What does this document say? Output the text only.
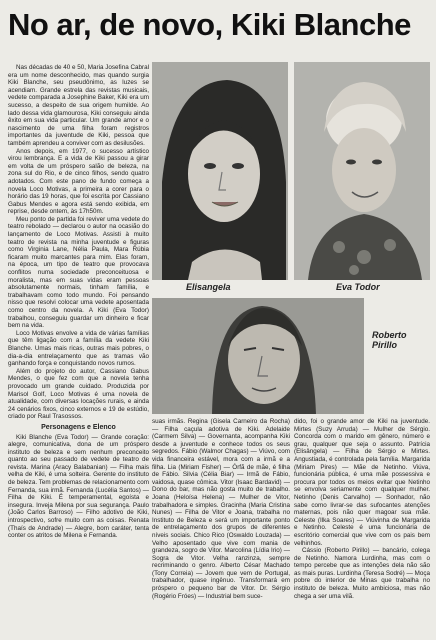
No ar, de novo, Kiki Blanche

Nas décadas de 40 e 50, Maria Josefina Cabral era um nome desconhecido, mas quando surgia Kiki Blanche, seu pseudônimo, as luzes se acendiam. Grande estrela das revistas musicais, vedete comparada a Josephine Baker, Kiki era um sucesso, a despeito de sua origem humilde. Ao lado dessa vida glamourosa, Kiki conseguiu ainda êxito em sua vida particular. Um grande amor e o nascimento de uma filha foram registros importantes da juventude de Kiki, pessoa que também aprendeu a conviver com as desilusões.

Anos depois, em 1977, o sucesso artístico virou lembrança. E a vida de Kiki passou a girar em volta de um próspero salão de beleza, na zona sul do Rio, e de cinco filhos, sendo quatro adotados. Com este pano de fundo começa a novela Loco Motivas, a primeira a corer para o horário das 19 horas, que foi escrita por Cassiano Gabus Mendes e agora está sendo exibida, em reprise, desde ontem, às 17h50m.

Meu ponto de partida foi reviver uma vedete do teatro rebolado — declarou o autor na ocasião do lançamento de Loco Motivas. Assisti à muito teatro de revista na minha juventude e figuras como Virginia Lane, Nélia Paula, Mara Rúbia ficaram muito marcantes para mim. Elas foram, na época, um tipo de teatro que provocava conflitos numa sociedade preconceituosa e moralista, mas em suas vidas eram pessoas absolutamente normais, tinham família, e trabalhavam como todo mundo. Foi pensando nisso que resolvi colocar uma vedete aposentada como centro da novela. A Kiki (Eva Todor) trabalhou, conseguiu guardar um dinheiro e ficar bem na vida.

Loco Motivas envolve a vida de várias famílias que têm ligação com a família da vedete Kiki Blanche. Umas mais ricas, outras mais pobres, o dia-a-dia entrelaçamento que as tramas vão ganhando força e conquistando novos rumos.

Além do projeto do autor, Cassiano Gabus Mendes, o que fez com que a novela tenha provocado um grande cuidado. Produzida por Marisol Golf, Loco Motivas é uma novela de atualidade, com diversas locações rurais, e ainda 24 cenários fixos, cinco externos e 19 de estúdio, criado por Raul Trasossos.

Personagens e Elenco

Kiki Blanche (Eva Todor) — Grande coração: alegre, comunicativa, dona de um próspero instituto de beleza e sem nenhum preconceito quanto ao seu passado de vedete de teatro de revista. Marina (Aracy Balabanian) — Filha mais velha de Kiki, é uma solteira. Gerente do instituto de beleza. Tem problemas de relacionamento com Fernanda, sua irmã. Fernanda (Lucélia Santos) — Filha de Kiki. É temperamental, egoísta e insegura. Inveja Milena por sua segurança. Paulo (João Carlos Barroso) — Filho adotivo de Kiki, introspectivo, sofre muito com as coisas. Renata (Thaís de Andrade) — Alegre, bom caráter, tenta conter os atritos de Milena e Fernanda.

Elisangela	Eva Todor
Roberto
Pirillo

suas irmãs. Regina (Gisela Carneiro da Rocha) — Filha caçula adotiva de Kiki. Adelaide (Carmem Silva) — Governanta, acompanha Kiki desde a juventude e conhece todos os seus segredos. Fábio (Walmor Chagas) — Viúvo, com vida financeira estável, mora com a irmã e a filha. Lia (Miriam Fisher) — Órfã de mãe, é filha de Fábio. Silvia (Célia Biar) — Irmã de Fábio, vaidosa, quase cômica. Vitor (Isaac Bardavid) — Dono do bar, mas não gosta muito de trabalho. Joana (Heloísa Helena) — Mulher de Vitor, trabalhadora e simples. Gracinha (Maria Cristina Nunes) — Filha de Vitor e Joana, trabalha no Instituto de Beleza e será um importante ponto de entrelaçamento dos grupos de diferentes níveis sociais. Chico Rico (Oswaldo Louzada) — Velho aposentado que vive com mania de grandeza, sogro de Vitor. Marcolina (Lídia Irio) — Sogra de Vitor. Velha ranzinza, sempre recriminando o genro. Alberto César Machado (Tony Correia) — Jovem que vem de Portugal, trabalhador, quase ingênuo. Transformará em próspero o pequeno bar de Vitor. Dr. Sérgio (Rogério Fróes) — Industrial bem suce-

dido, foi o grande amor de Kiki na juventude. Mirtes (Suzy Arruda) — Mulher de Sérgio. Concorda com o marido em gênero, número e grau, qualquer que seja o assunto. Patrícia (Elisângela) — Filha de Sérgio e Mirtes. Angustiada, é controlada pela família. Margarida (Miriam Pires) — Mãe de Netinho. Viúva, funcionária pública, é uma mãe possessiva e procura por todos os meios evitar que Netinho se envolva seriamente com qualquer mulher. Netinho (Denis Carvalho) — Sonhador, não sabe como livrar-se das sufocantes atenções maternas, pois não quer magoar sua mãe. Celeste (Ilka Soares) — Viúvinha de Margarida e Netinho. Celeste é uma funcionária de escritório comercial que vive com os pais bem velhinhos.

Cássio (Roberto Pirillo) — bancário, colega de Netinho. Namora Lurdinha, mas com o tempo percebe que as intenções dela não são as mais puras. Lurdinha (Teresa Sodré) — Moça pobre do interior de Minas que trabalha no instituto de beleza. Muito ambiciosa, mas não chega a ser uma vilã.
